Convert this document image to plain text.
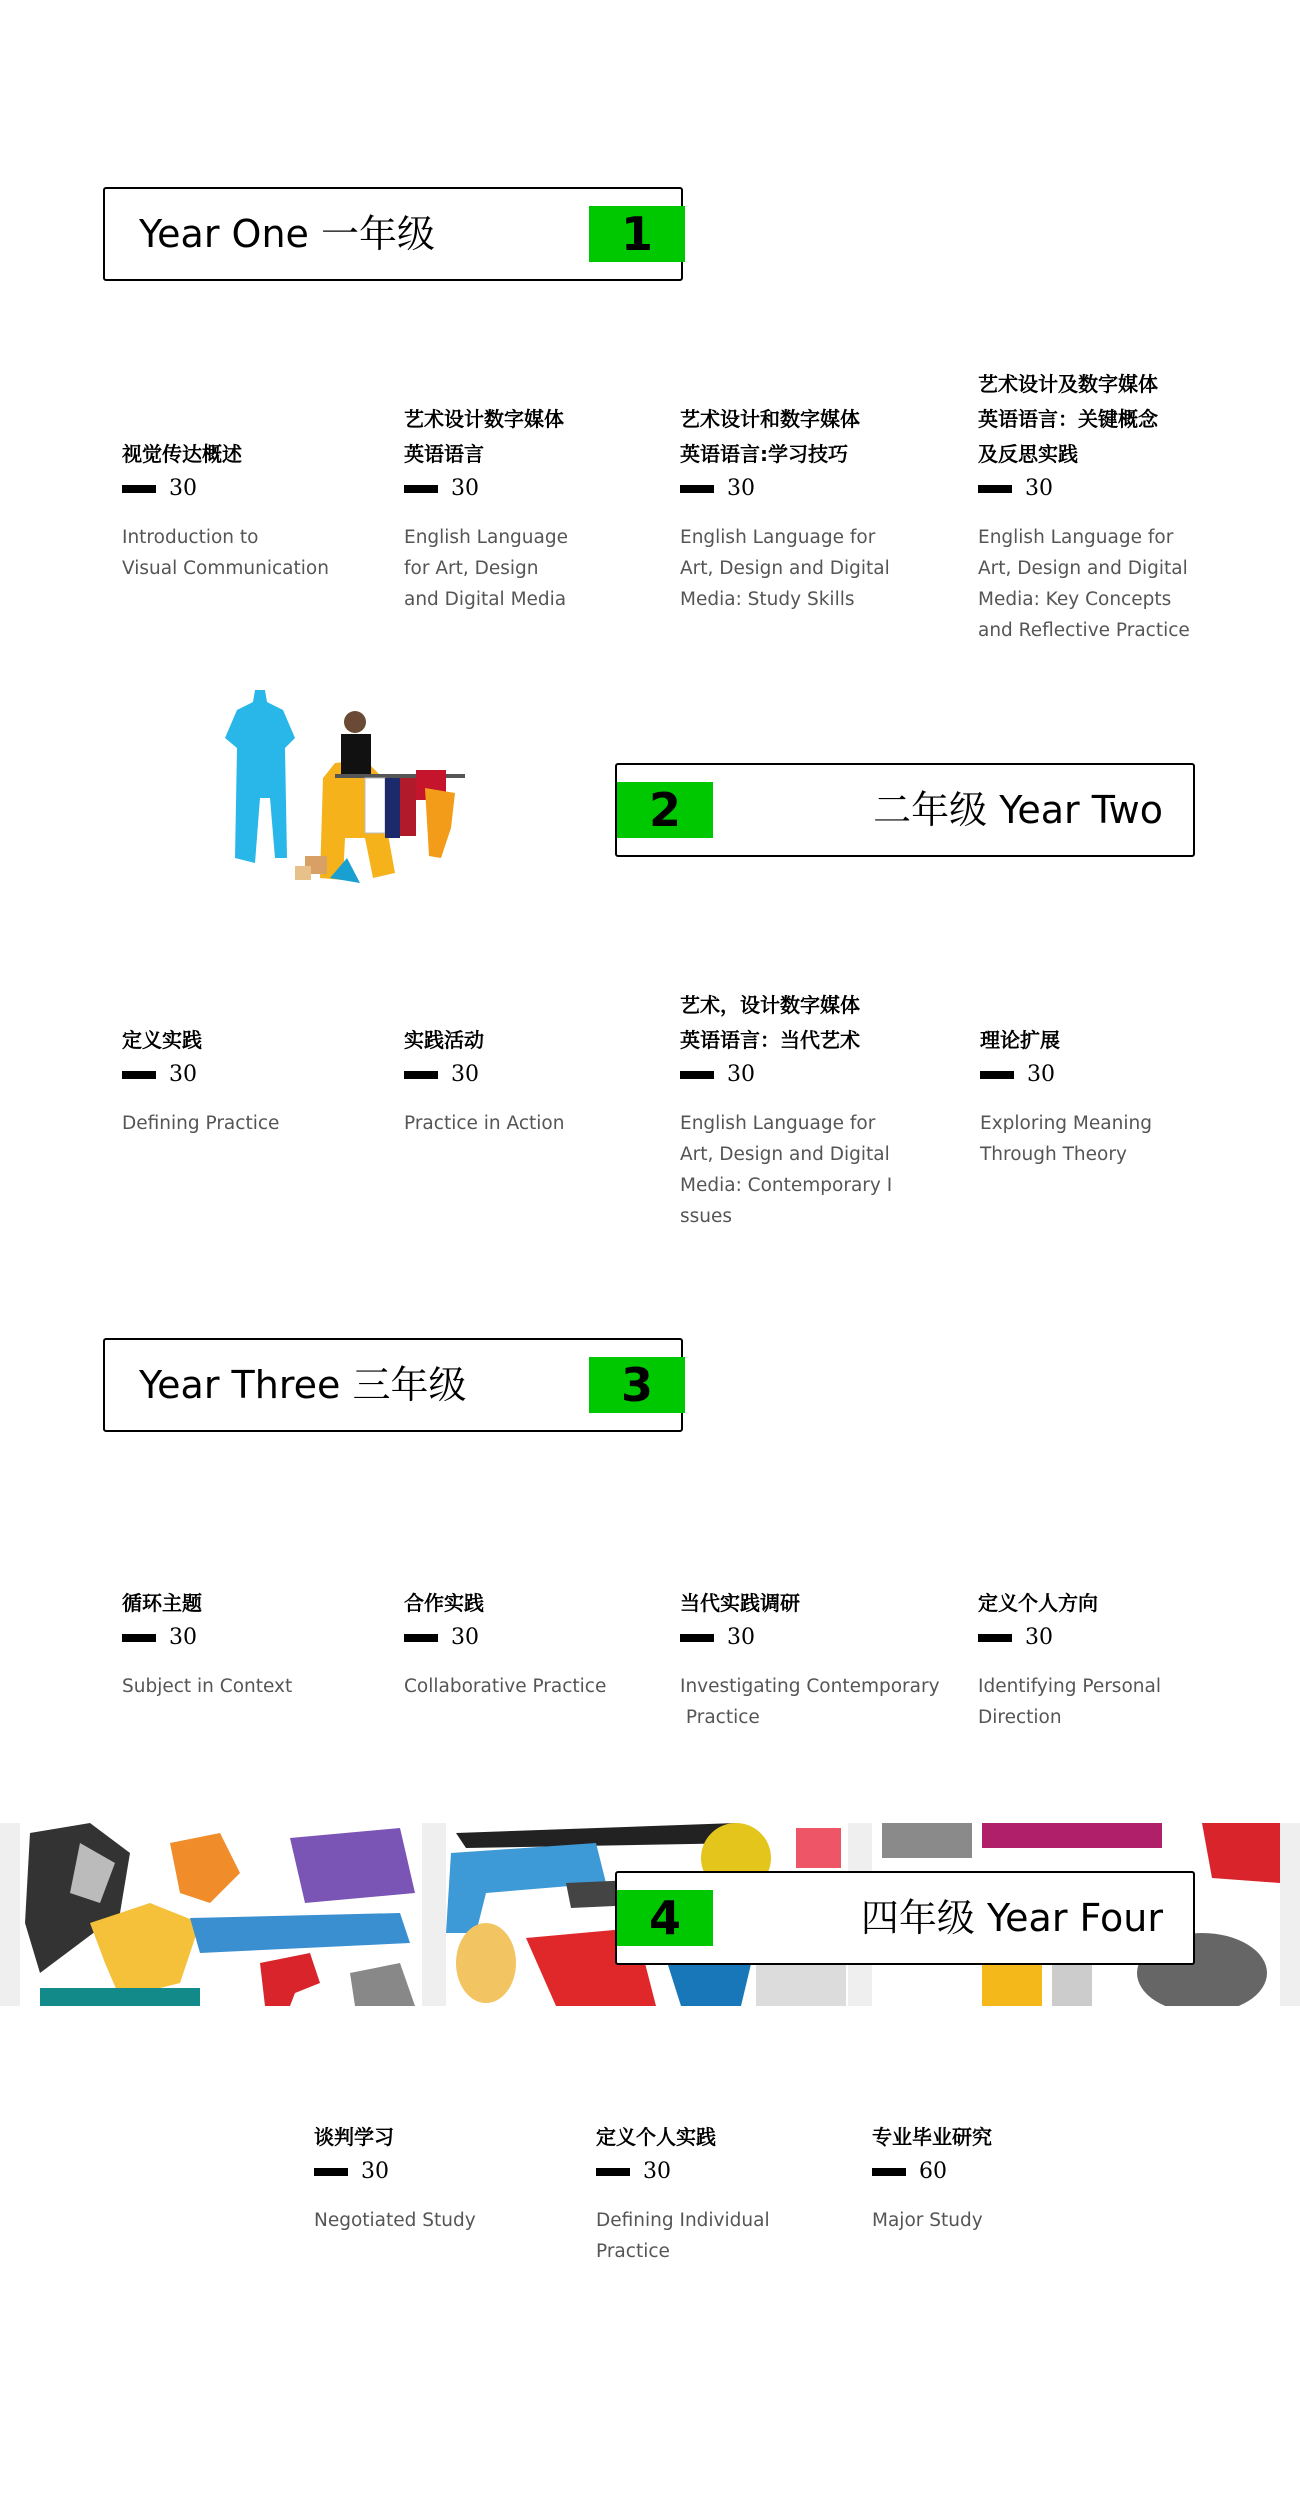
Year One 一年级	1
视觉传达概述
30
Introduction to
Visual Communication
艺术设计数字媒体
英语语言
30
English Language
for Art, Design
and Digital Media
艺术设计和数字媒体
英语语言:学习技巧
30
English Language for
Art, Design and Digital
Media: Study Skills
艺术设计及数字媒体
英语语言：关键概念
及反思实践
30
English Language for
Art, Design and Digital
Media: Key Concepts
and Reflective Practice
2	二年级 Year Two
定义实践
30
Defining Practice
实践活动
30
Practice in Action
艺术，设计数字媒体
英语语言：当代艺术
30
English Language for
Art, Design and Digital
Media: Contemporary I
ssues
理论扩展
30
Exploring Meaning
Through Theory
Year Three 三年级	3
循环主题
30
Subject in Context
合作实践
30
Collaborative Practice
当代实践调研
30
Investigating Contemporary
Practice
定义个人方向
30
Identifying Personal
Direction
4	四年级 Year Four
谈判学习
30
Negotiated Study
定义个人实践
30
Defining Individual
Practice
专业毕业研究
60
Major Study
